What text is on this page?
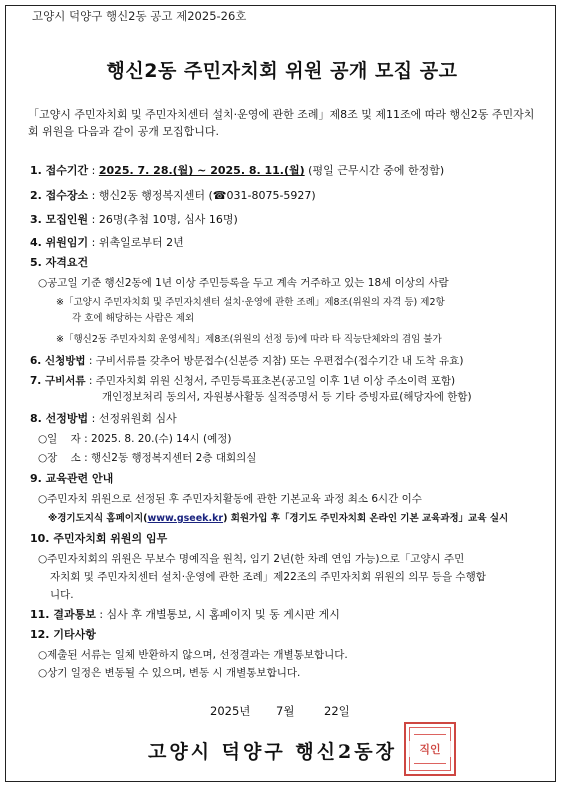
고양시 덕양구 행신2동 공고 제2025-26호
행신2동 주민자치회 위원 공개 모집 공고
「고양시 주민자치회 및 주민자치센터 설치·운영에 관한 조례」제8조 및 제11조에 따라 행신2동 주민자치회 위원을 다음과 같이 공개 모집합니다.
1. 접수기간 : 2025. 7. 28.(월) ~ 2025. 8. 11.(월) (평일 근무시간 중에 한정함)
2. 접수장소 : 행신2동 행정복지센터 (☎031-8075-5927)
3. 모집인원 : 26명(추첨 10명, 심사 16명)
4. 위원임기 : 위촉일로부터 2년
5. 자격요건
○공고일 기준 행신2동에 1년 이상 주민등록을 두고 계속 거주하고 있는 18세 이상의 사람
※「고양시 주민자치회 및 주민자치센터 설치·운영에 관한 조례」제8조(위원의 자격 등) 제2항
각 호에 해당하는 사람은 제외
※「행신2동 주민자치회 운영세칙」제8조(위원의 선정 등)에 따라 타 직능단체와의 겸임 불가
6. 신청방법 : 구비서류를 갖추어 방문접수(신분증 지참) 또는 우편접수(접수기간 내 도착 유효)
7. 구비서류 : 주민자치회 위원 신청서, 주민등록표초본(공고일 이후 1년 이상 주소이력 포함)
개인정보처리 동의서, 자원봉사활동 실적증명서 등 기타 증빙자료(해당자에 한함)
8. 선정방법 : 선정위원회 심사
○일    자 : 2025. 8. 20.(수) 14시 (예정)
○장    소 : 행신2동 행정복지센터 2층 대회의실
9. 교육관련 안내
○주민자치 위원으로 선정된 후 주민자치활동에 관한 기본교육 과정 최소 6시간 이수
※경기도지식 홈페이지(www.gseek.kr) 회원가입 후「경기도 주민자치회 온라인 기본 교육과정」교육 실시
10. 주민자치회 위원의 임무
○주민자치회의 위원은 무보수 명예직을 원칙, 임기 2년(한 차례 연임 가능)으로「고양시 주민
자치회 및 주민자치센터 설치·운영에 관한 조례」제22조의 주민자치회 위원의 의무 등을 수행합
니다.
11. 결과통보 : 심사 후 개별통보, 시 홈페이지 및 동 게시판 게시
12. 기타사항
○제출된 서류는 일체 반환하지 않으며, 선정결과는 개별통보합니다.
○상기 일정은 변동될 수 있으며, 변동 시 개별통보합니다.
2025년 7월	22일
고양시 덕양구 행신2동장	직인
